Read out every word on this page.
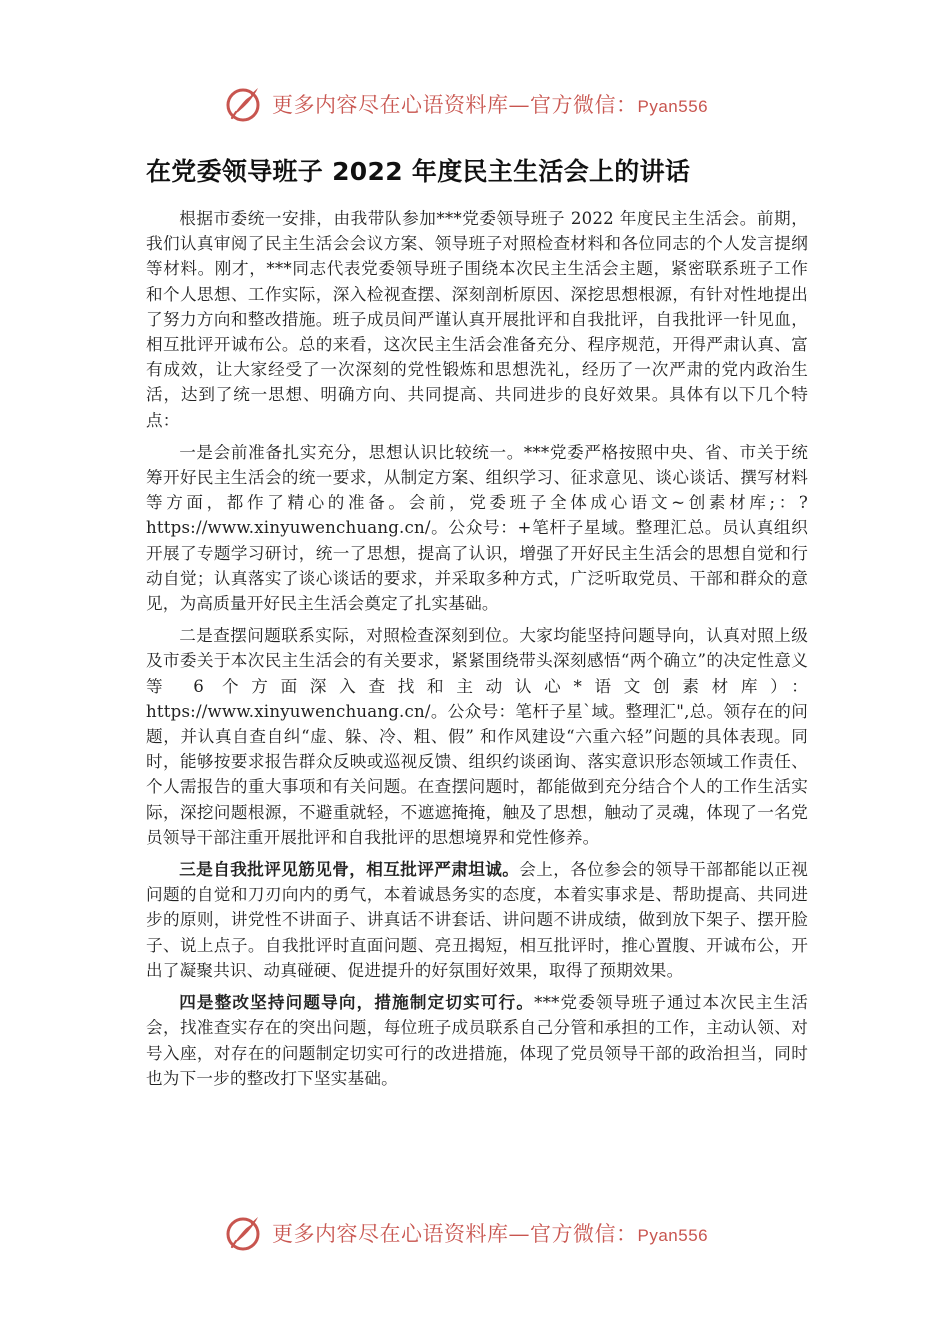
更多内容尽在心语资料库—官方微信：Pyan556
在党委领导班子 2022 年度民主生活会上的讲话

根据市委统一安排，由我带队参加***党委领导班子 2022 年度民主生活会。前期，我们认真审阅了民主生活会会议方案、领导班子对照检查材料和各位同志的个人发言提纲等材料。刚才，***同志代表党委领导班子围绕本次民主生活会主题，紧密联系班子工作和个人思想、工作实际，深入检视查摆、深刻剖析原因、深挖思想根源，有针对性地提出了努力方向和整改措施。班子成员间严谨认真开展批评和自我批评，自我批评一针见血，相互批评开诚布公。总的来看，这次民主生活会准备充分、程序规范，开得严肃认真、富有成效，让大家经受了一次深刻的党性锻炼和思想洗礼，经历了一次严肃的党内政治生活，达到了统一思想、明确方向、共同提高、共同进步的良好效果。具体有以下几个特点：

一是会前准备扎实充分，思想认识比较统一。***党委严格按照中央、省、市关于统筹开好民主生活会的统一要求，从制定方案、组织学习、征求意见、谈心谈话、撰写材料等方面，都作了精心的准备。会前，党委班子全体成心语文~创素材库;：?https://www.xinyuwenchuang.cn/。公众号：+笔杆子星域。整理汇总。员认真组织开展了专题学习研讨，统一了思想，提高了认识，增强了开好民主生活会的思想自觉和行动自觉；认真落实了谈心谈话的要求，并采取多种方式，广泛听取党员、干部和群众的意见，为高质量开好民主生活会奠定了扎实基础。

二是查摆问题联系实际，对照检查深刻到位。大家均能坚持问题导向，认真对照上级及市委关于本次民主生活会的有关要求，紧紧围绕带头深刻感悟“两个确立”的决定性意义等 6 个方面深入查找和主动认心*语文创素材库）：https://www.xinyuwenchuang.cn/。公众号：笔杆子星`域。整理汇",总。领存在的问题，并认真自查自纠“虚、躲、冷、粗、假” 和作风建设“六重六轻”问题的具体表现。同时，能够按要求报告群众反映或巡视反馈、组织约谈函询、落实意识形态领域工作责任、个人需报告的重大事项和有关问题。在查摆问题时，都能做到充分结合个人的工作生活实际，深挖问题根源，不避重就轻，不遮遮掩掩，触及了思想，触动了灵魂，体现了一名党员领导干部注重开展批评和自我批评的思想境界和党性修养。

三是自我批评见筋见骨，相互批评严肃坦诚。会上，各位参会的领导干部都能以正视问题的自觉和刀刃向内的勇气，本着诚恳务实的态度，本着实事求是、帮助提高、共同进步的原则，讲党性不讲面子、讲真话不讲套话、讲问题不讲成绩，做到放下架子、摆开脸子、说上点子。自我批评时直面问题、亮丑揭短，相互批评时，推心置腹、开诚布公，开出了凝聚共识、动真碰硬、促进提升的好氛围好效果，取得了预期效果。

四是整改坚持问题导向，措施制定切实可行。***党委领导班子通过本次民主生活会，找准查实存在的突出问题，每位班子成员联系自己分管和承担的工作，主动认领、对号入座，对存在的问题制定切实可行的改进措施，体现了党员领导干部的政治担当，同时也为下一步的整改打下坚实基础。

更多内容尽在心语资料库—官方微信：Pyan556
